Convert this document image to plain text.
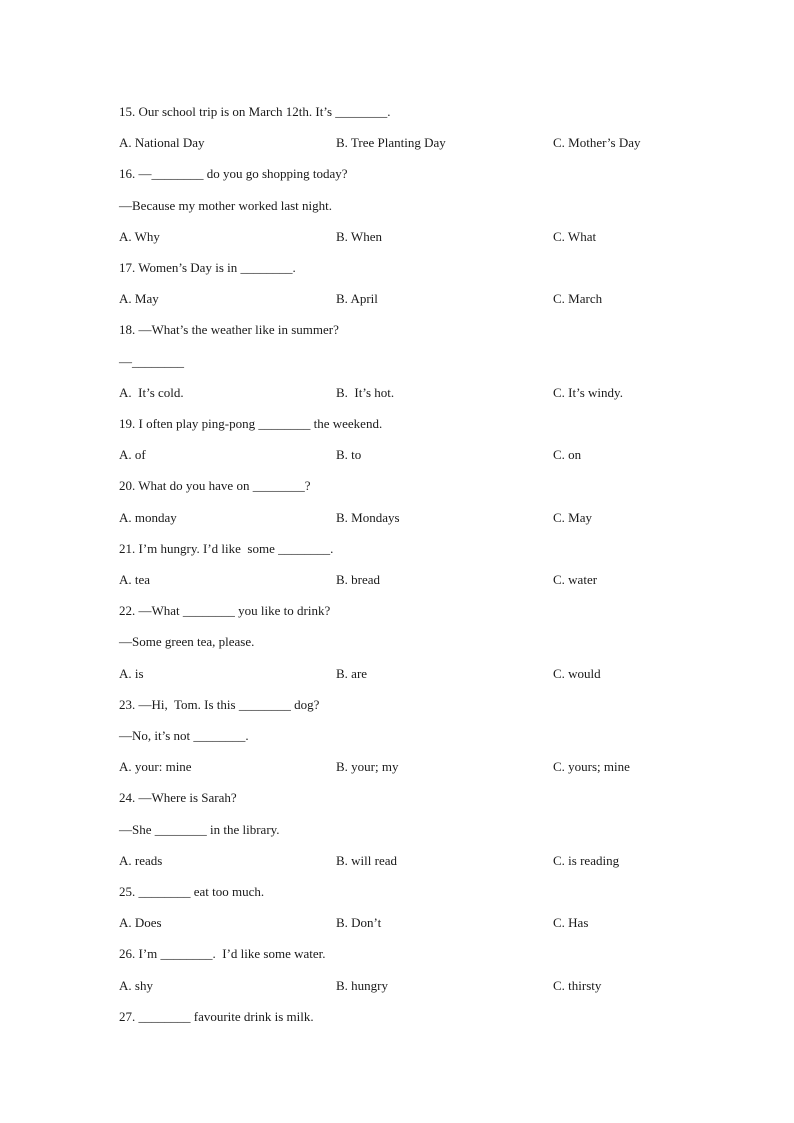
15. Our school trip is on March 12th. It’s ________.
A. National Day	B. Tree Planting Day	C. Mother’s Day
16. —________ do you go shopping today?
—Because my mother worked last night.
A. Why	B. When	C. What
17. Women’s Day is in ________.
A. May	B. April	C. March
18. —What’s the weather like in summer?
—________
A.  It’s cold.	B.  It’s hot.	C. It’s windy.
19. I often play ping-pong ________ the weekend.
A. of	B. to	C. on
20. What do you have on ________?
A. monday	B. Mondays	C. May
21. I’m hungry. I’d like  some ________.
A. tea	B. bread	C. water
22. —What ________ you like to drink?
—Some green tea, please.
A. is	B. are	C. would
23. —Hi,  Tom. Is this ________ dog?
—No, it’s not ________.
A. your: mine	B. your; my	C. yours; mine
24. —Where is Sarah?
—She ________ in the library.
A. reads	B. will read	C. is reading
25. ________ eat too much.
A. Does	B. Don’t	C. Has
26. I’m ________.  I’d like some water.
A. shy	B. hungry	C. thirsty
27. ________ favourite drink is milk.
